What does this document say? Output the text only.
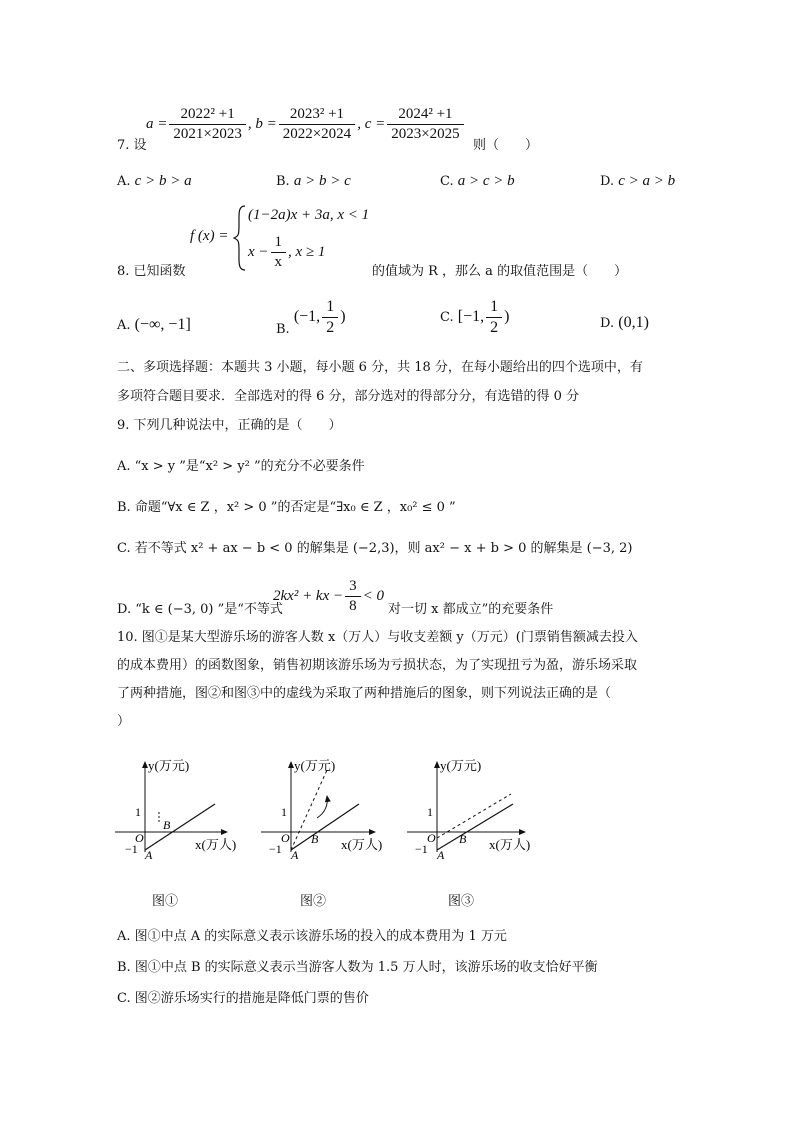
7. 设
$a = \frac{\text{2022² +1}}{2021\times 2023}$ , $b = \frac{\text{2023² +1}}{2022\times 2024}$ , $c = \frac{\text{2024² +1}}{2023\times 2025}$
则（　　）
A. c > b > a	B. a > b > c	C. a > c > b	D. c > a > b
8. 已知函数
f (x) =
(1−2a)x + 3a, x < 1
$x - \frac{1}{x}$ , x ≥ 1
的值域为 R ，那么 a 的取值范围是（　　）
A. (−∞, −1]	B. (−1, $\frac{1}{2}$ )	C. [−1, $\frac{1}{2}$ )	D. (0,1)
二、多项选择题：本题共 3 小题，每小题 6 分，共 18 分，在每小题给出的四个选项中，有
多项符合题目要求．全部选对的得 6 分，部分选对的得部分分，有选错的得 0 分
9. 下列几种说法中，正确的是（　　）
A. “x > y ”是“x² > y² ”的充分不必要条件
B. 命题“∀x ∈ Z ，x² > 0 ”的否定是“∃x₀ ∈ Z ，x₀² ≤ 0 ”
C. 若不等式 x² + ax − b < 0 的解集是 (−2,3)，则 ax² − x + b > 0 的解集是 (−3, 2)
D. “k ∈ (−3, 0) ”是“不等式
2kx² + kx − $\frac{3}{8} < 0$
对一切 x 都成立”的充要条件
10. 图①是某大型游乐场的游客人数 x（万人）与收支差额 y（万元）(门票销售额减去投入
的成本费用）的函数图象，销售初期该游乐场为亏损状态，为了实现扭亏为盈，游乐场采取
了两种措施，图②和图③中的虚线为采取了两种措施后的图象，则下列说法正确的是（
）
y(万元)
x(万人)
O
1
−1 A
B
图①
y(万元)
x(万人)
O
1
−1 A
B
图②
y(万元)
x(万人)
O
1
−1 A
B
图③
A. 图①中点 A 的实际意义表示该游乐场的投入的成本费用为 1 万元
B. 图①中点 B 的实际意义表示当游客人数为 1.5 万人时，该游乐场的收支恰好平衡
C. 图②游乐场实行的措施是降低门票的售价
